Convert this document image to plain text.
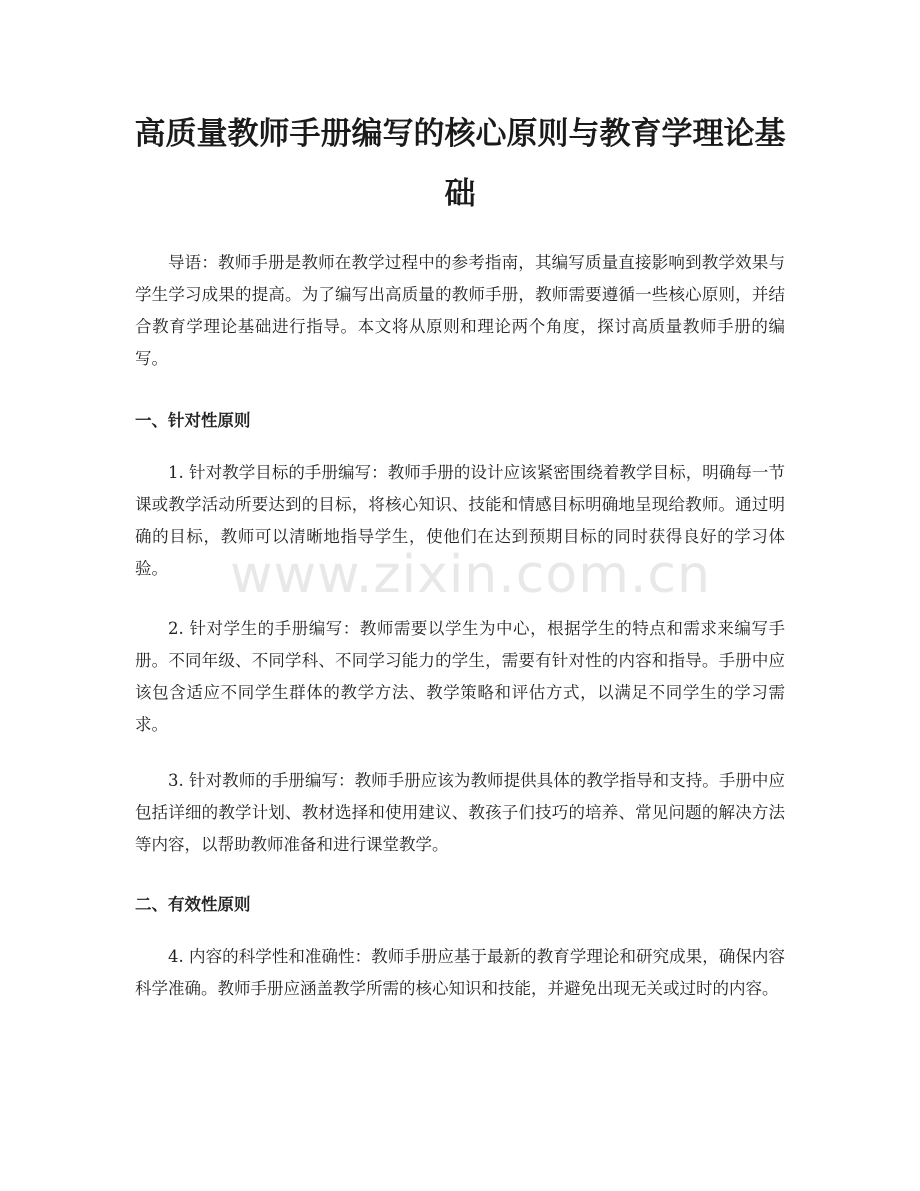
高质量教师手册编写的核心原则与教育学理论基础

导语：教师手册是教师在教学过程中的参考指南，其编写质量直接影响到教学效果与学生学习成果的提高。为了编写出高质量的教师手册，教师需要遵循一些核心原则，并结合教育学理论基础进行指导。本文将从原则和理论两个角度，探讨高质量教师手册的编写。

一、针对性原则

1. 针对教学目标的手册编写：教师手册的设计应该紧密围绕着教学目标，明确每一节课或教学活动所要达到的目标，将核心知识、技能和情感目标明确地呈现给教师。通过明确的目标，教师可以清晰地指导学生，使他们在达到预期目标的同时获得良好的学习体验。

2. 针对学生的手册编写：教师需要以学生为中心，根据学生的特点和需求来编写手册。不同年级、不同学科、不同学习能力的学生，需要有针对性的内容和指导。手册中应该包含适应不同学生群体的教学方法、教学策略和评估方式，以满足不同学生的学习需求。

3. 针对教师的手册编写：教师手册应该为教师提供具体的教学指导和支持。手册中应包括详细的教学计划、教材选择和使用建议、教孩子们技巧的培养、常见问题的解决方法等内容，以帮助教师准备和进行课堂教学。

二、有效性原则

4. 内容的科学性和准确性：教师手册应基于最新的教育学理论和研究成果，确保内容科学准确。教师手册应涵盖教学所需的核心知识和技能，并避免出现无关或过时的内容。

www.zixin.com.cn
